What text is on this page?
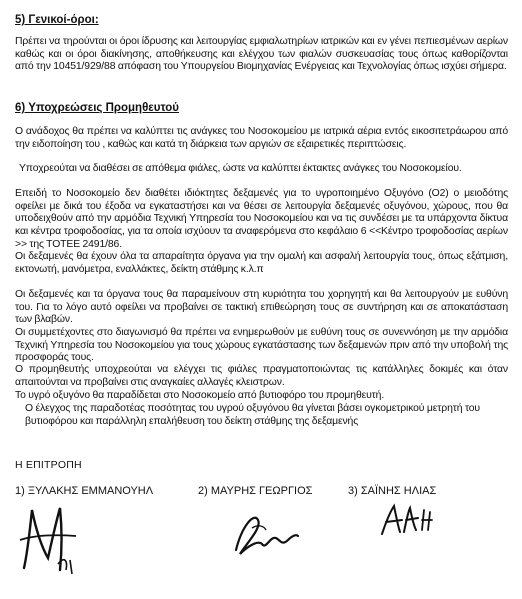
5) Γενικοί-όροι:

Πρέπει να τηρούνται οι όροι ίδρυσης και λειτουργίας εμφιαλωτηρίων ιατρικών και εν γένει πεπιεσμένων αερίων καθώς και οι όροι διακίνησης, αποθήκευσης και ελέγχου των φιαλών συσκευασίας τους όπως καθορίζονται από την 10451/929/88 απόφαση του Υπουργείου Βιομηχανίας Ενέργειας και Τεχνολογίας όπως ισχύει σήμερα.

6) Υποχρεώσεις Προμηθευτού

Ο ανάδοχος θα πρέπει να καλύπτει τις ανάγκες του Νοσοκομείου με ιατρικά αέρια εντός εικοσιτετράωρου από την ειδοποίηση του , καθώς και κατά τη διάρκεια των αργιών σε εξαιρετικές περιπτώσεις.

Υποχρεούται να διαθέσει σε απόθεμα φιάλες, ώστε να καλύπτει έκτακτες ανάγκες του Νοσοκομείου.

Επειδή το Νοσοκομείο δεν διαθέτει ιδιόκτητες δεξαμενές για το υγροποιημένο Οξυγόνο (Ο2) ο μειοδότης οφείλει με δικά του έξοδα να εγκαταστήσει και να θέσει σε λειτουργία δεξαμενές οξυγόνου, χώρους, που θα υποδειχθούν από την αρμόδια Τεχνική Υπηρεσία του Νοσοκομείου και να τις συνδέσει με τα υπάρχοντα δίκτυα και κέντρα τροφοδοσίας, για τα οποία ισχύουν τα αναφερόμενα στο κεφάλαιο 6 <<Κέντρο τροφοδοσίας αερίων >> της ΤΟΤΕΕ 2491/86.

Οι δεξαμενές θα έχουν όλα τα απαραίτητα όργανα για την ομαλή και ασφαλή λειτουργία τους, όπως εξάτμιση, εκτονωτή, μανόμετρα, εναλλάκτες, δείκτη στάθμης κ.λ.π

Οι δεξαμενές και τα όργανα τους θα παραμείνουν στη κυριότητα του χορηγητή και θα λειτουργούν με ευθύνη του. Για το λόγο αυτό οφείλει να προβαίνει σε τακτική επιθεώρηση τους σε συντήρηση και σε αποκατάσταση των βλαβών.

Οι συμμετέχοντες στο διαγωνισμό θα πρέπει να ενημερωθούν με ευθύνη τους σε συνεννόηση με την αρμόδια Τεχνική Υπηρεσία του Νοσοκομείου για τους χώρους εγκατάστασης των δεξαμενών πριν από την υποβολή της προσφοράς τους.

Ο προμηθευτής υποχρεούται να ελέγχει τις φιάλες πραγματοποιώντας τις κατάλληλες δοκιμές και όταν απαιτούνται να προβαίνει στις αναγκαίες αλλαγές κλειστρων.

Το υγρό οξυγόνο θα παραδίδεται στο Νοσοκομείο από βυτιοφόρο του προμηθευτή.

Ο έλεγχος της παραδοτέας ποσότητας του υγρού οξυγόνου θα γίνεται βάσει ογκομετρικού μετρητή του βυτιοφόρου και παράλληλη επαλήθευση του δείκτη στάθμης της δεξαμενής

Η ΕΠΙΤΡΟΠΗ
1) ΞΥΛΑΚΗΣ ΕΜΜΑΝΟΥΗΛ	2) ΜΑΥΡΗΣ ΓΕΩΡΓΙΟΣ	3) ΣΑΪΝΗΣ ΗΛΙΑΣ
